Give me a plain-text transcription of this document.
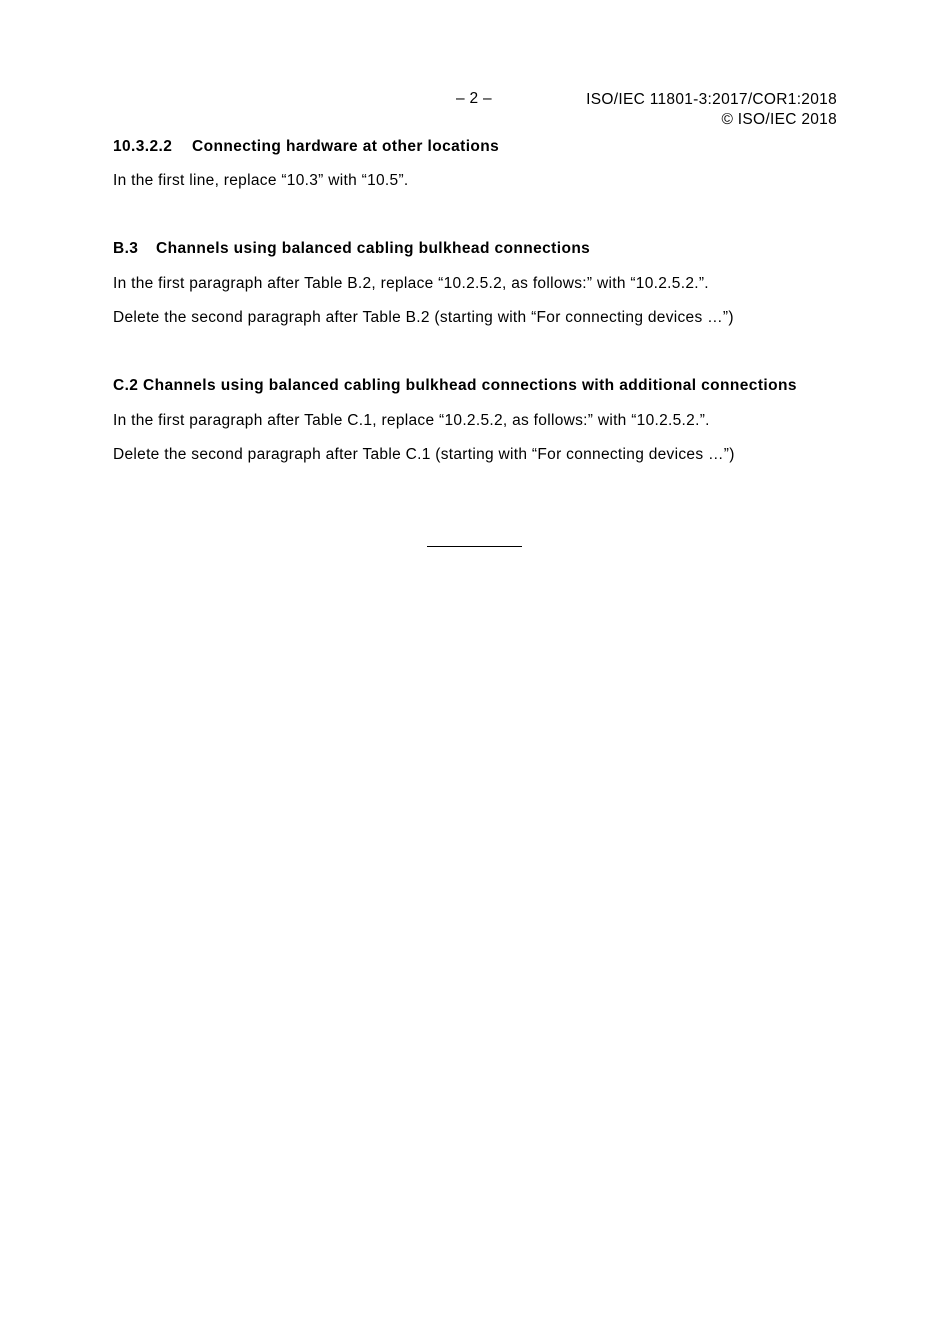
– 2 –	ISO/IEC 11801-3:2017/COR1:2018
© ISO/IEC 2018

10.3.2.2 Connecting hardware at other locations

In the first line, replace “10.3” with “10.5”.

B.3 Channels using balanced cabling bulkhead connections

In the first paragraph after Table B.2, replace “10.2.5.2, as follows:” with “10.2.5.2.”.

Delete the second paragraph after Table B.2 (starting with “For connecting devices …”)

C.2 Channels using balanced cabling bulkhead connections with additional connections

In the first paragraph after Table C.1, replace “10.2.5.2, as follows:” with “10.2.5.2.”.

Delete the second paragraph after Table C.1 (starting with “For connecting devices …”)
